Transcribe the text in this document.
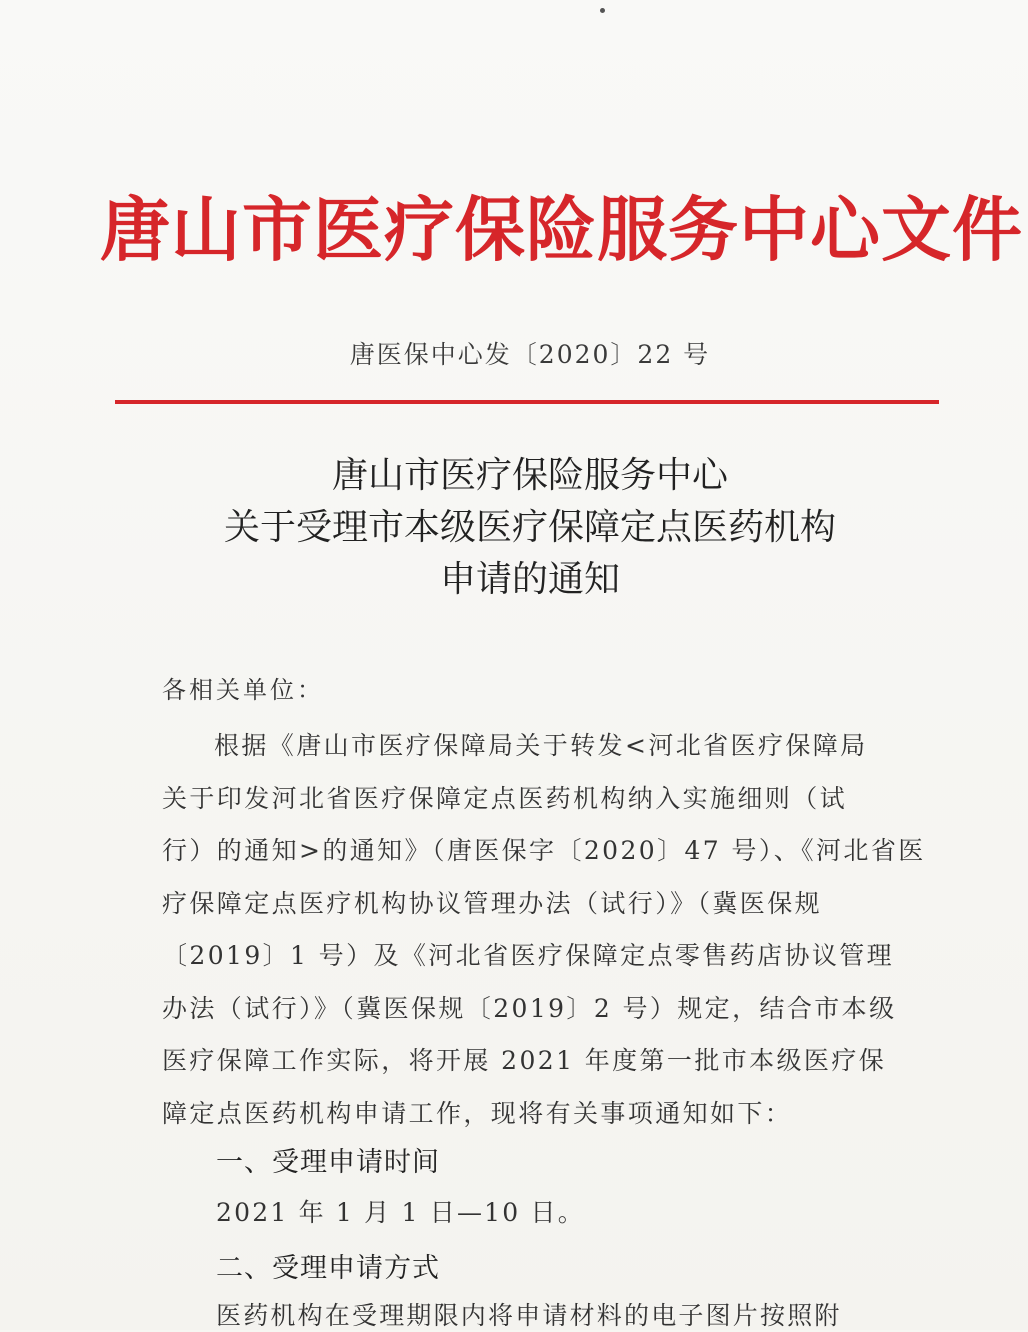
唐山市医疗保险服务中心文件
唐医保中心发〔2020〕22 号
唐山市医疗保险服务中心
关于受理市本级医疗保障定点医药机构
申请的通知
各相关单位：
根据《唐山市医疗保障局关于转发<河北省医疗保障局
关于印发河北省医疗保障定点医药机构纳入实施细则（试
行）的通知>的通知》（唐医保字〔2020〕47 号）、《河北省医
疗保障定点医疗机构协议管理办法（试行）》（冀医保规
〔2019〕1 号）及《河北省医疗保障定点零售药店协议管理
办法（试行）》（冀医保规〔2019〕2 号）规定，结合市本级
医疗保障工作实际，将开展 2021 年度第一批市本级医疗保
障定点医药机构申请工作，现将有关事项通知如下：
一、受理申请时间
2021 年 1 月 1 日—10 日。
二、受理申请方式
医药机构在受理期限内将申请材料的电子图片按照附
